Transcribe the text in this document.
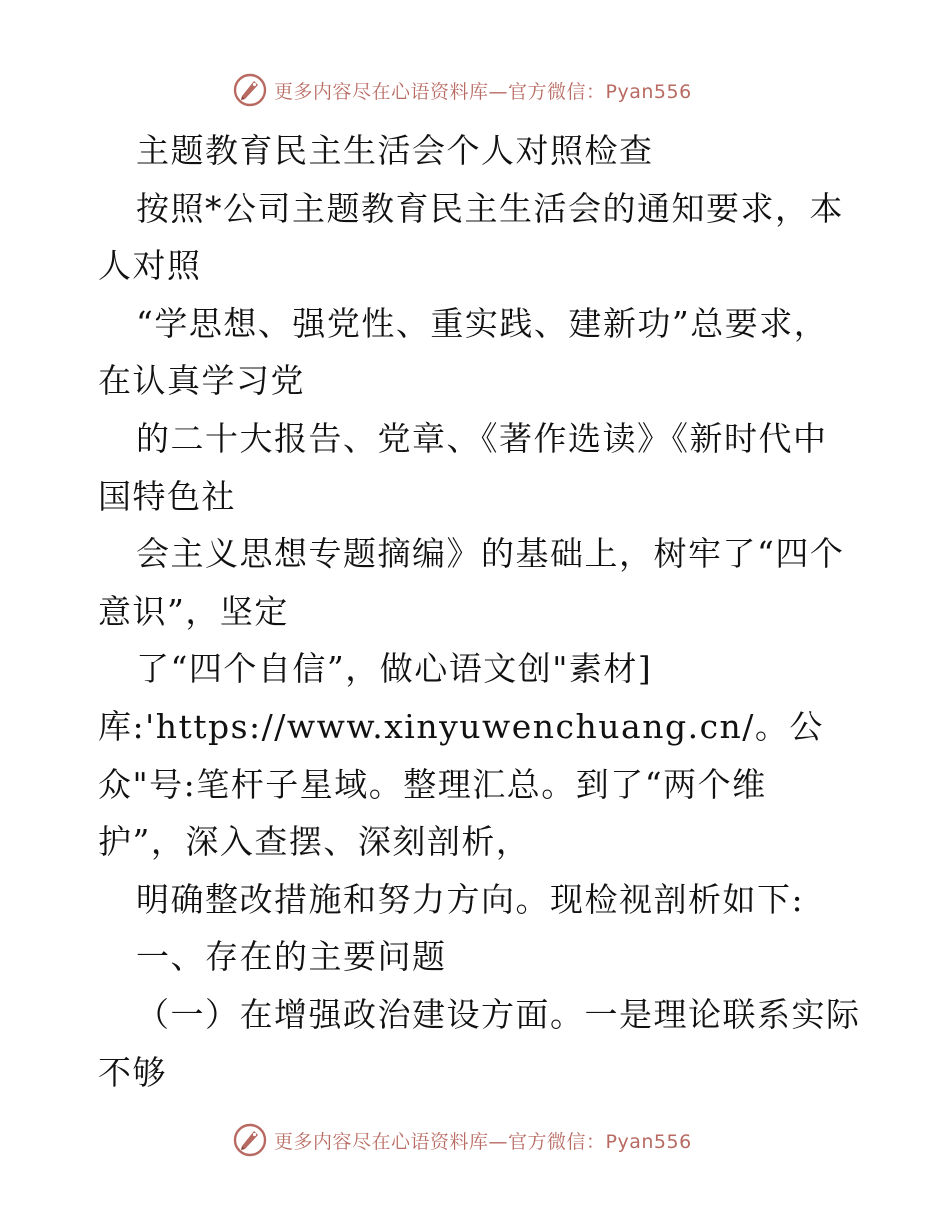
更多内容尽在心语资料库—官方微信：Pyan556
主题教育民主生活会个人对照检查
按照*公司主题教育民主生活会的通知要求，本
人对照
“学思想、强党性、重实践、建新功”总要求，
在认真学习党
的二十大报告、党章、《著作选读》《新时代中
国特色社
会主义思想专题摘编》的基础上，树牢了“四个
意识”，坚定
了“四个自信”，做心语文创"素材]
库:'https://www.xinyuwenchuang.cn/。公
众"号:笔杆子星域。整理汇总。到了“两个维
护”，深入查摆、深刻剖析，
明确整改措施和努力方向。现检视剖析如下:
一、存在的主要问题
（一）在增强政治建设方面。一是理论联系实际
不够
更多内容尽在心语资料库—官方微信：Pyan556
